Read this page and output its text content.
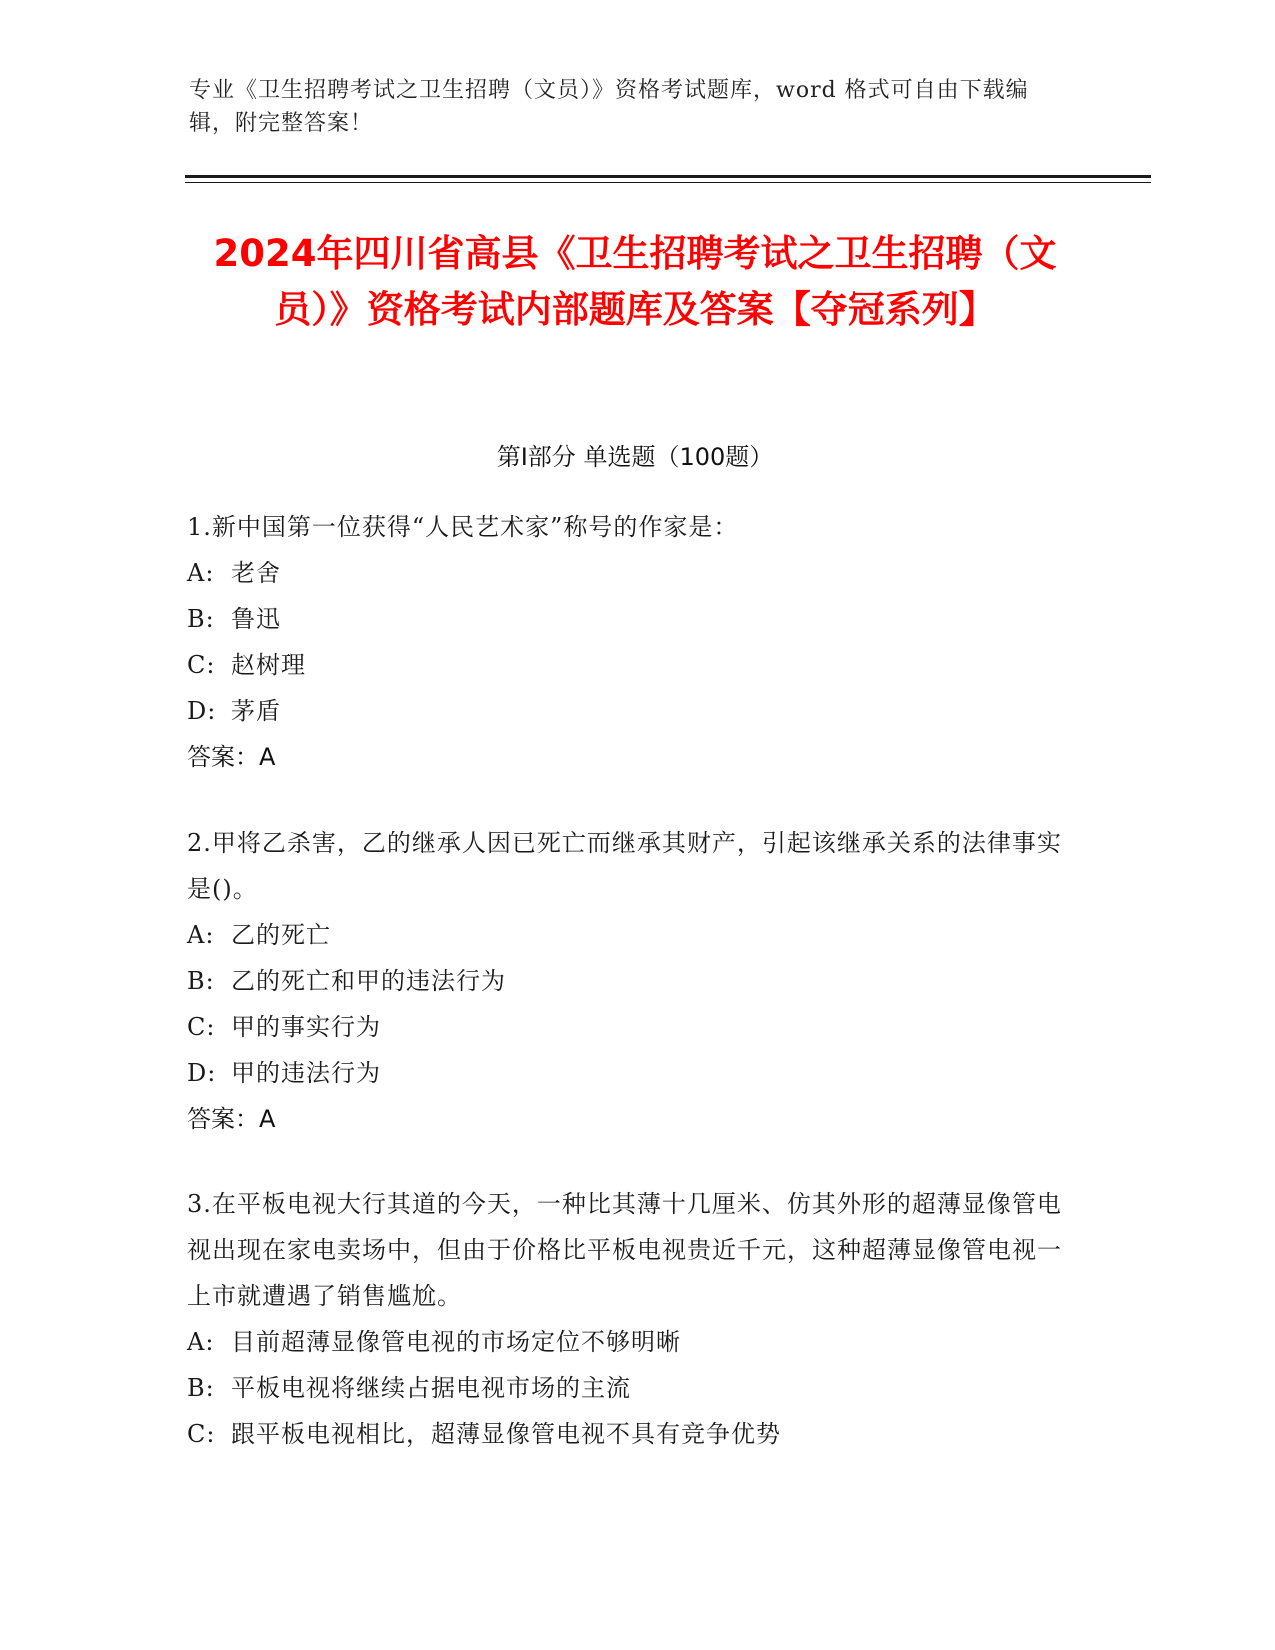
专业《卫生招聘考试之卫生招聘（文员）》资格考试题库，word 格式可自由下载编辑，附完整答案！
2024年四川省高县《卫生招聘考试之卫生招聘（文员）》资格考试内部题库及答案【夺冠系列】
第Ⅰ部分 单选题（100题）

1.新中国第一位获得“人民艺术家”称号的作家是：

A: 老舍

B: 鲁迅

C: 赵树理

D: 茅盾

答案：A

2.甲将乙杀害，乙的继承人因已死亡而继承其财产，引起该继承关系的法律事实是()。

A: 乙的死亡

B: 乙的死亡和甲的违法行为

C: 甲的事实行为

D: 甲的违法行为

答案：A

3.在平板电视大行其道的今天，一种比其薄十几厘米、仿其外形的超薄显像管电视出现在家电卖场中，但由于价格比平板电视贵近千元，这种超薄显像管电视一上市就遭遇了销售尴尬。

A: 目前超薄显像管电视的市场定位不够明晰

B: 平板电视将继续占据电视市场的主流

C: 跟平板电视相比，超薄显像管电视不具有竞争优势
